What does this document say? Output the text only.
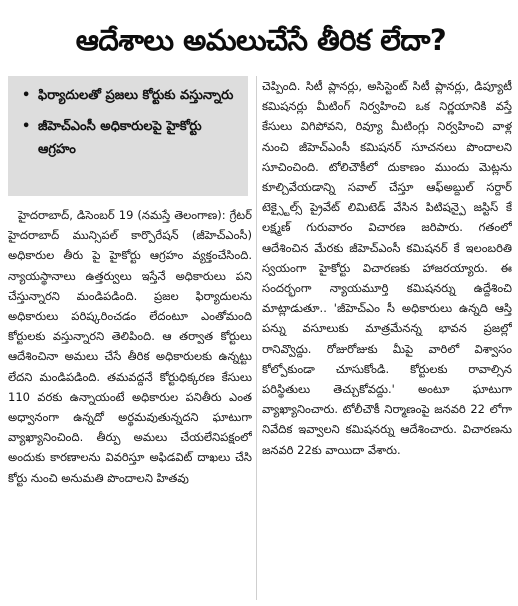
ఆదేశాలు అమలుచేసే తీరిక లేదా?
• ఫిర్యాదులతో ప్రజలు కోర్టుకు వస్తున్నారు
• జీహెచ్ఎంసీ అధికారులపై హైకోర్టు ఆగ్రహం

హైదరాబాద్, డిసెంబర్ 19 (నమస్తే తెలంగాణ): గ్రేటర్ హైదరాబాద్ మున్సిపల్ కార్పొరేషన్ (జీహెచ్ఎంసీ) అధికారుల తీరు పై హైకోర్టు ఆగ్రహం వ్యక్తంచేసింది. న్యాయస్థానాలు ఉత్తర్వులు ఇస్తేనే అధికారులు పని చేస్తున్నారని మండిపడింది. ప్రజల ఫిర్యాదులను అధికారులు పరిష్కరించడం లేదంటూ ఎంతోమంది కోర్టులకు వస్తున్నారని తెలిపింది. ఆ తర్వాత కోర్టులు ఆదేశించినా అమలు చేసే తీరిక అధికారులకు ఉన్నట్టు లేదని మండిపడింది. తమవద్దనే కోర్టుధిక్కరణ కేసులు 110 వరకు ఉన్నాయంటే అధికారుల పనితీరు ఎంత అధ్వానంగా ఉన్నదో అర్థమవుతున్నదని ఘాటుగా వ్యాఖ్యానించింది. తీర్పు అమలు చేయలేనిపక్షంలో అందుకు కారణాలను వివరిస్తూ అఫిడవిట్ దాఖలు చేసి కోర్టు నుంచి అనుమతి పొందాలని హితవు

చెప్పింది. సిటీ ప్లానర్లు, అసిస్టెంట్ సిటీ ప్లానర్లు, డిప్యూటీ కమిషనర్లు మీటింగ్ నిర్వహించి ఒక నిర్ణయానికి వస్తే కేసులు విగిపోవని, రివ్యూ మీటింగ్లు నిర్వహించి వాళ్ల నుంచి జీహెచ్ఎంసీ కమిషనర్ సూచనలు పొందాలని సూచించింది. టోలిచౌకీలో దుకాణం ముందు మెట్లను కూల్చివేయడాన్ని సవాల్ చేస్తూ ఆఫ్అబ్దుల్ సర్దార్ టెక్స్టైల్స్ ప్రైవేట్ లిమిటెడ్ వేసిన పిటిషన్పై జస్టిస్ కే లక్ష్మణ్ గురువారం విచారణ జరిపారు. గతంలో ఆదేశించిన మేరకు జీహెచ్ఎంసీ కమిషనర్ కే ఇలంబరితి స్వయంగా హైకోర్టు విచారణకు హాజరయ్యారు. ఈ సందర్భంగా న్యాయమూర్తి కమిషనర్ను ఉద్దేశించి మాట్లాడుతూ.. 'జీహెచ్ఎం సీ అధికారులు ఉన్నది ఆస్తి పన్ను వసూలుకు మాత్రమేనన్న భావన ప్రజల్లో రానివ్వొద్దు. రోజురోజుకు మీపై వారిలో విశ్వాసం కోల్పోకుండా చూసుకోండి. కోర్టులకు రావాల్సిన పరిస్థితులు తెచ్చుకోవద్దు.' అంటూ ఘాటుగా వ్యాఖ్యానించారు. టోలీచౌకీ నిర్మాణంపై జనవరి 22 లోగా నివేదిక ఇవ్వాలని కమిషనర్ను ఆదేశించారు. విచారణను జనవరి 22కు వాయిదా వేశారు.
